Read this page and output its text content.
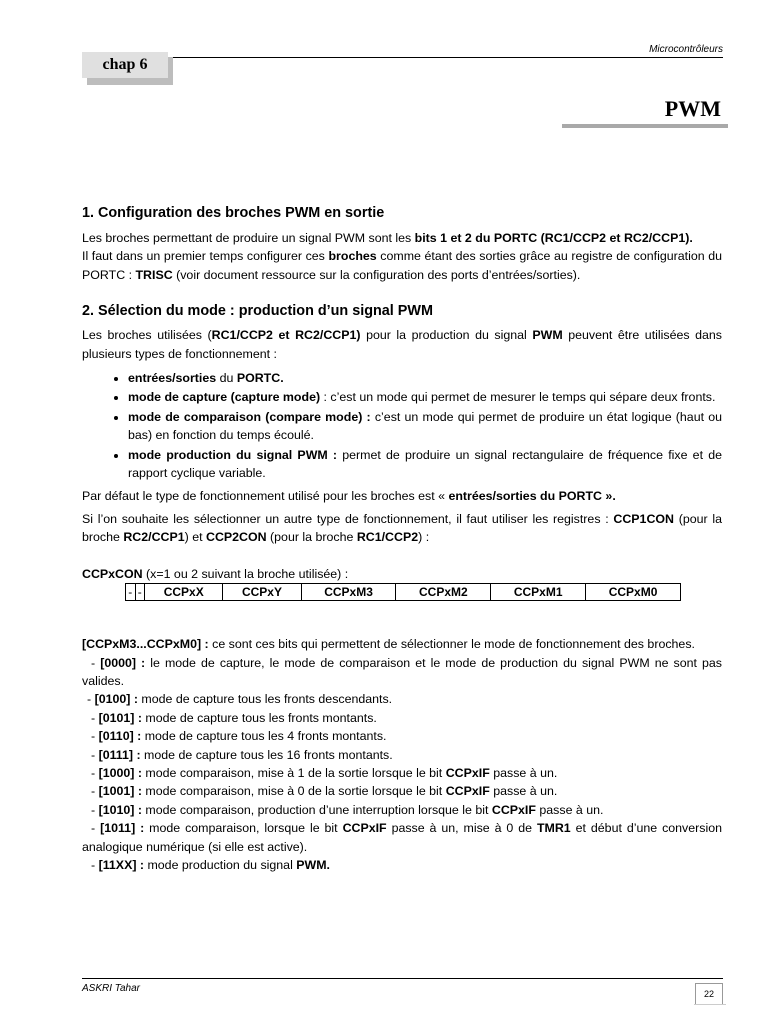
Microcontrôleurs
chap 6
PWM
1. Configuration des broches PWM en sortie

Les broches permettant de produire un signal PWM sont les bits 1 et 2 du PORTC (RC1/CCP2 et RC2/CCP1).

Il faut dans un premier temps configurer ces broches comme étant des sorties grâce au registre de configuration du PORTC : TRISC (voir document ressource sur la configuration des ports d’entrées/sorties).

2. Sélection du mode : production d’un signal PWM

Les broches utilisées (RC1/CCP2 et RC2/CCP1) pour la production du signal PWM peuvent être utilisées dans plusieurs types de fonctionnement :

• entrées/sorties du PORTC.
• mode de capture (capture mode) : c’est un mode qui permet de mesurer le temps qui sépare deux fronts.
• mode de comparaison (compare mode) : c’est un mode qui permet de produire un état logique (haut ou bas) en fonction du temps écoulé.
• mode production du signal PWM : permet de produire un signal rectangulaire de fréquence fixe et de rapport cyclique variable.

Par défaut le type de fonctionnement utilisé pour les broches est « entrées/sorties du PORTC ».

Si l’on souhaite les sélectionner un autre type de fonctionnement, il faut utiliser les registres : CCP1CON (pour la broche RC2/CCP1) et CCP2CON (pour la broche RC1/CCP2) :

CCPxCON (x=1 ou 2 suivant la broche utilisée) :

-	-	CCPxX	CCPxY	CCPxM3	CCPxM2	CCPxM1	CCPxM0

[CCPxM3...CCPxM0] : ce sont ces bits qui permettent de sélectionner le mode de fonctionnement des broches.

- [0000] : le mode de capture, le mode de comparaison et le mode de production du signal PWM ne sont pas valides.

- [0100] : mode de capture tous les fronts descendants.

- [0101] : mode de capture tous les fronts montants.

- [0110] : mode de capture tous les 4 fronts montants.

- [0111] : mode de capture tous les 16 fronts montants.

- [1000] : mode comparaison, mise à 1 de la sortie lorsque le bit CCPxIF passe à un.

- [1001] : mode comparaison, mise à 0 de la sortie lorsque le bit CCPxIF passe à un.

- [1010] : mode comparaison, production d’une interruption lorsque le bit CCPxIF passe à un.

- [1011] : mode comparaison, lorsque le bit CCPxIF passe à un, mise à 0 de TMR1 et début d’une conversion analogique numérique (si elle est active).

- [11XX] : mode production du signal PWM.

ASKRI Tahar	22
